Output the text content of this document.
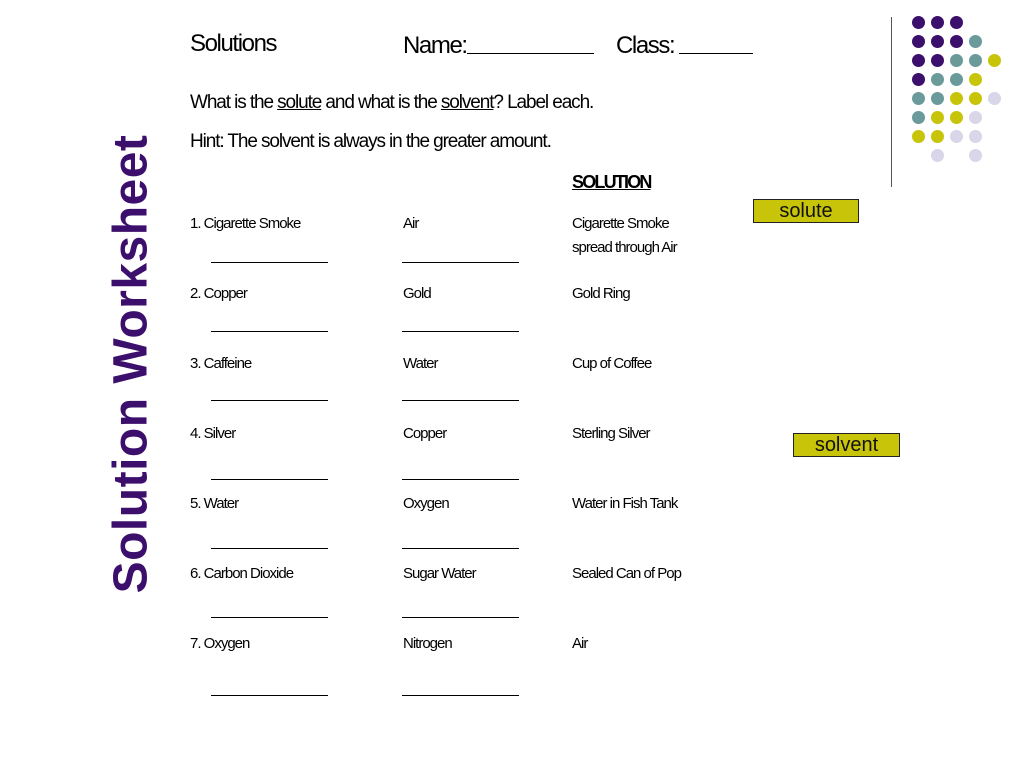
Solution Worksheet
Solutions	Name:	Class:
What is the solute and what is the solvent? Label each.
Hint: The solvent is always in the greater amount.
SOLUTION
1. Cigarette Smoke	Air	Cigarette Smoke
spread through Air
2. Copper	Gold	Gold Ring
3. Caffeine	Water	Cup of Coffee
4. Silver	Copper	Sterling Silver
5. Water	Oxygen	Water in Fish Tank
6. Carbon Dioxide	Sugar Water	Sealed Can of Pop
7. Oxygen	Nitrogen	Air
solute
solvent
